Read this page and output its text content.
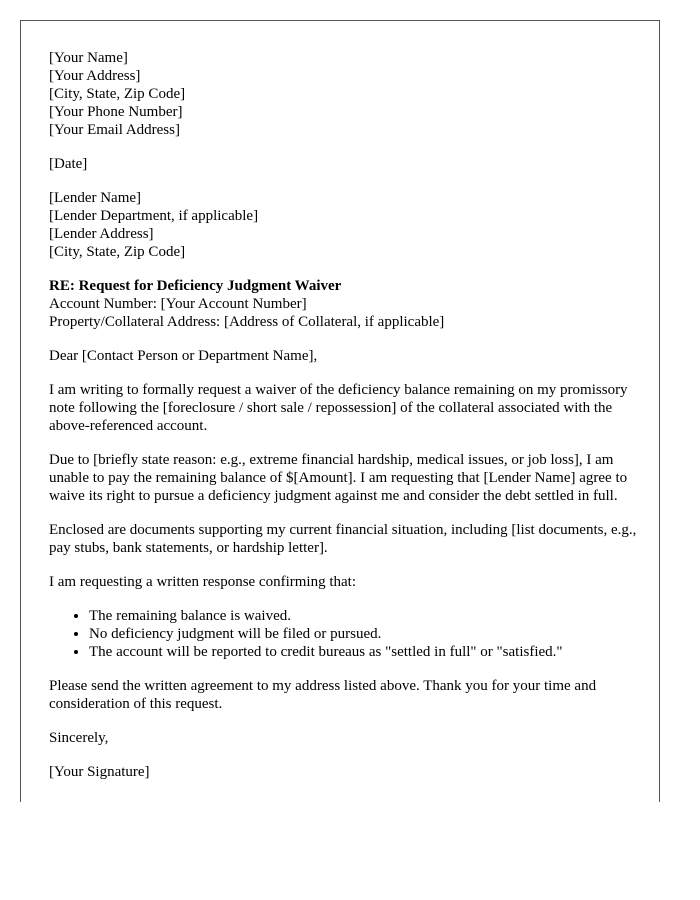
[Your Name]
[Your Address]
[City, State, Zip Code]
[Your Phone Number]
[Your Email Address]
[Date]
[Lender Name]
[Lender Department, if applicable]
[Lender Address]
[City, State, Zip Code]
RE: Request for Deficiency Judgment Waiver
Account Number: [Your Account Number]
Property/Collateral Address: [Address of Collateral, if applicable]

Dear [Contact Person or Department Name],

I am writing to formally request a waiver of the deficiency balance remaining on my promissory note following the [foreclosure / short sale / repossession] of the collateral associated with the above-referenced account.

Due to [briefly state reason: e.g., extreme financial hardship, medical issues, or job loss], I am unable to pay the remaining balance of $[Amount]. I am requesting that [Lender Name] agree to waive its right to pursue a deficiency judgment against me and consider the debt settled in full.

Enclosed are documents supporting my current financial situation, including [list documents, e.g., pay stubs, bank statements, or hardship letter].

I am requesting a written response confirming that:

• The remaining balance is waived.
• No deficiency judgment will be filed or pursued.
• The account will be reported to credit bureaus as "settled in full" or "satisfied."

Please send the written agreement to my address listed above. Thank you for your time and consideration of this request.

Sincerely,

[Your Signature]
